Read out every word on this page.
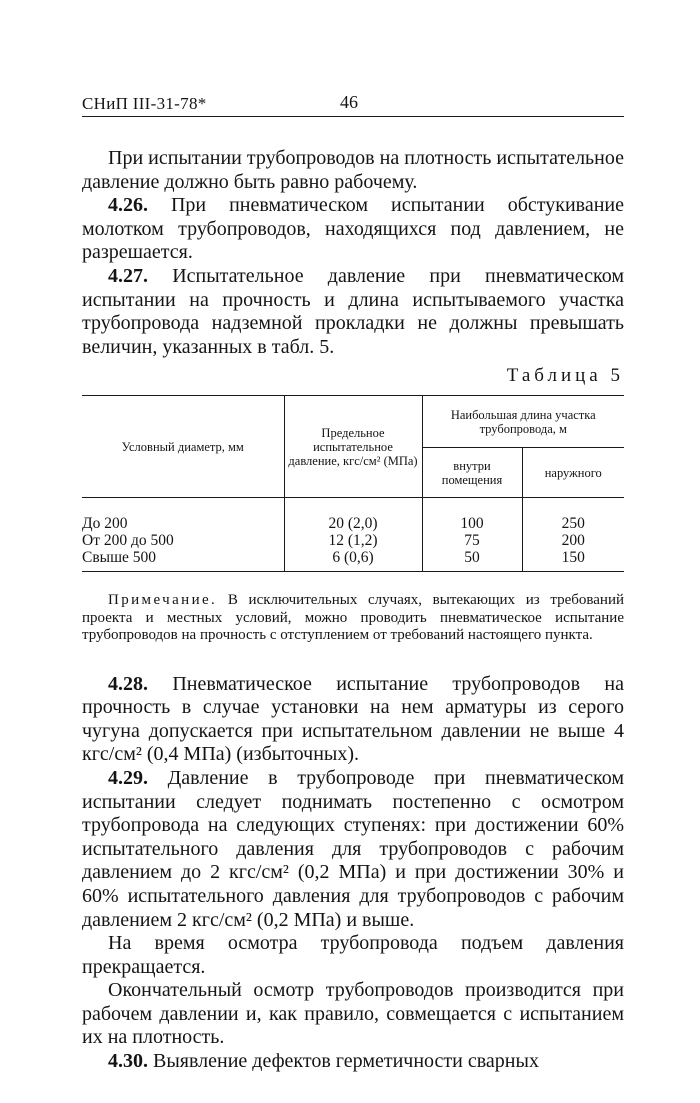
СНиП III-31-78*	46

При испытании трубопроводов на плотность испытательное давление должно быть равно рабочему.

4.26. При пневматическом испытании обстукивание молотком трубопроводов, находящихся под давлением, не разрешается.

4.27. Испытательное давление при пневматическом испытании на прочность и длина испытываемого участка трубопровода надземной прокладки не должны превышать величин, указанных в табл. 5.

Таблица 5
Условный диаметр, мм	Предельное испытательное давление, кгс/см² (МПа)	Наибольшая длина участка трубопровода, м	
		внутри помещения	наружного
До 200	20 (2,0)	100	250
От 200 до 500	12 (1,2)	75	200
Свыше 500	6 (0,6)	50	150

Примечание. В исключительных случаях, вытекающих из требований проекта и местных условий, можно проводить пневматическое испытание трубопроводов на прочность с отступлением от требований настоящего пункта.

4.28. Пневматическое испытание трубопроводов на прочность в случае установки на нем арматуры из серого чугуна допускается при испытательном давлении не выше 4 кгс/см² (0,4 МПа) (избыточных).

4.29. Давление в трубопроводе при пневматическом испытании следует поднимать постепенно с осмотром трубопровода на следующих ступенях: при достижении 60% испытательного давления для трубопроводов с рабочим давлением до 2 кгс/см² (0,2 МПа) и при достижении 30% и 60% испытательного давления для трубопроводов с рабочим давлением 2 кгс/см² (0,2 МПа) и выше.

На время осмотра трубопровода подъем давления прекращается.

Окончательный осмотр трубопроводов производится при рабочем давлении и, как правило, совмещается с испытанием их на плотность.

4.30. Выявление дефектов герметичности сварных
